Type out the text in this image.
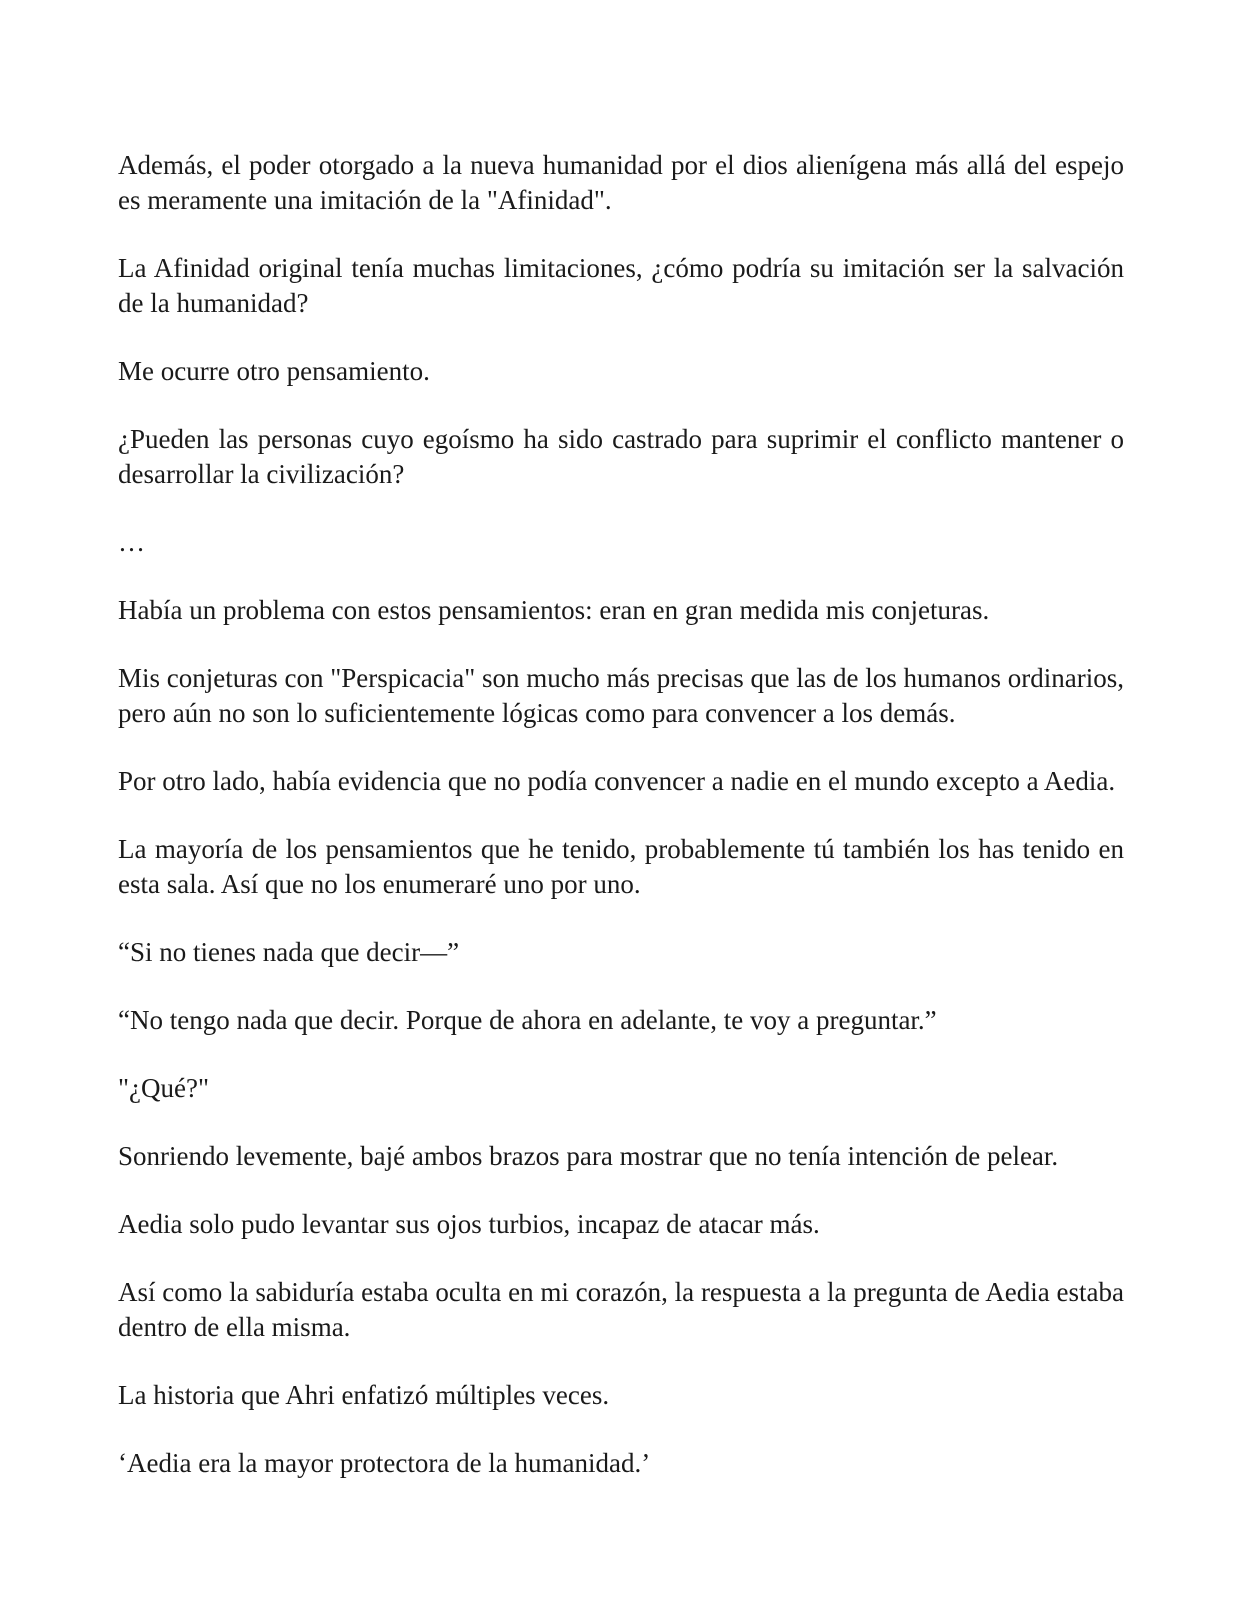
Además, el poder otorgado a la nueva humanidad por el dios alienígena más allá del espejo es meramente una imitación de la "Afinidad".

La Afinidad original tenía muchas limitaciones, ¿cómo podría su imitación ser la salvación de la humanidad?

Me ocurre otro pensamiento.

¿Pueden las personas cuyo egoísmo ha sido castrado para suprimir el conflicto mantener o desarrollar la civilización?

…

Había un problema con estos pensamientos: eran en gran medida mis conjeturas.

Mis conjeturas con "Perspicacia" son mucho más precisas que las de los humanos ordinarios, pero aún no son lo suficientemente lógicas como para convencer a los demás.

Por otro lado, había evidencia que no podía convencer a nadie en el mundo excepto a Aedia.

La mayoría de los pensamientos que he tenido, probablemente tú también los has tenido en esta sala. Así que no los enumeraré uno por uno.

“Si no tienes nada que decir—”

“No tengo nada que decir. Porque de ahora en adelante, te voy a preguntar.”

"¿Qué?"

Sonriendo levemente, bajé ambos brazos para mostrar que no tenía intención de pelear.

Aedia solo pudo levantar sus ojos turbios, incapaz de atacar más.

Así como la sabiduría estaba oculta en mi corazón, la respuesta a la pregunta de Aedia estaba dentro de ella misma.

La historia que Ahri enfatizó múltiples veces.

‘Aedia era la mayor protectora de la humanidad.’
